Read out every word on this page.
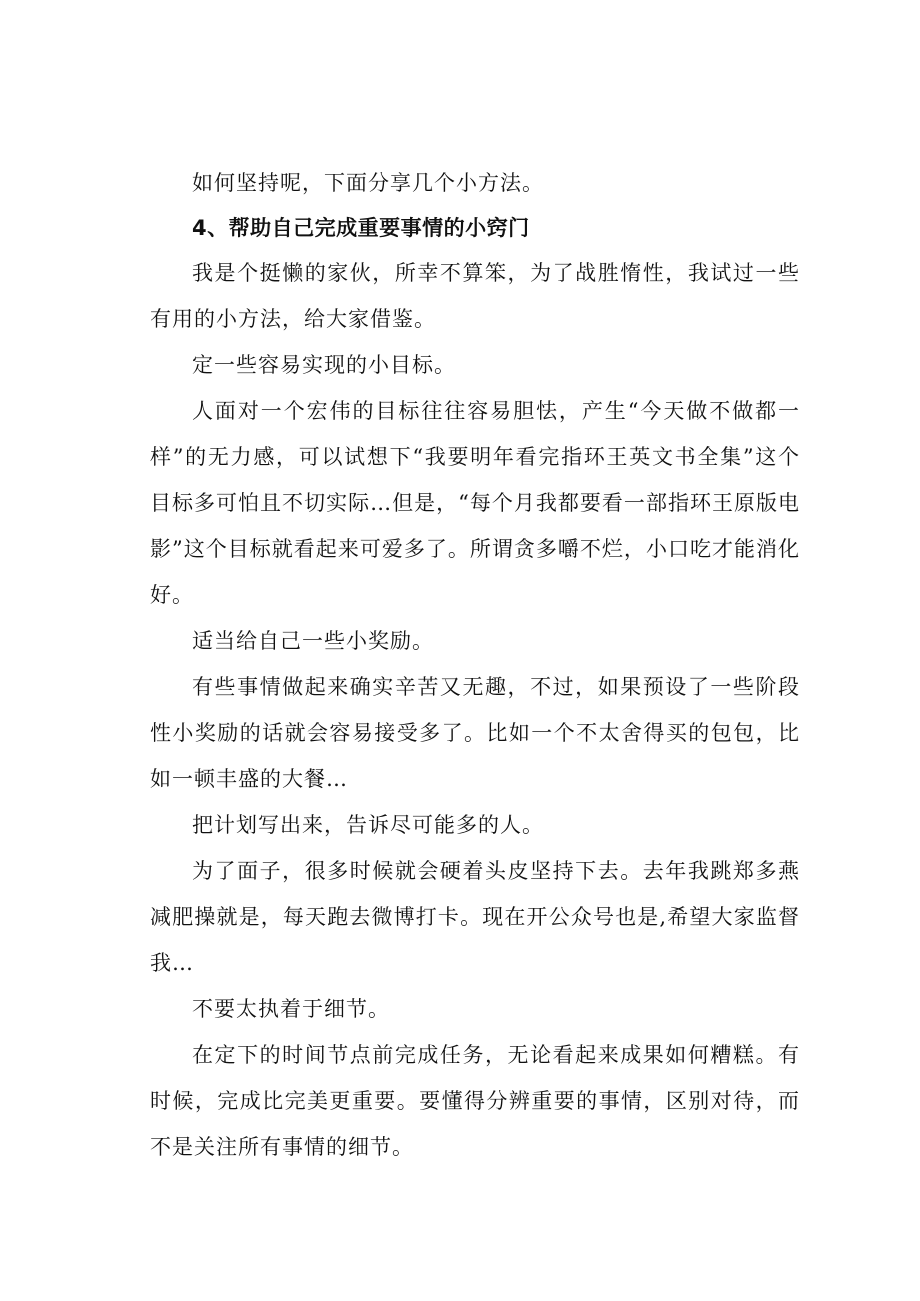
如何坚持呢，下面分享几个小方法。

4、帮助自己完成重要事情的小窍门

我是个挺懒的家伙，所幸不算笨，为了战胜惰性，我试过一些有用的小方法，给大家借鉴。

定一些容易实现的小目标。

人面对一个宏伟的目标往往容易胆怯，产生“今天做不做都一样”的无力感，可以试想下“我要明年看完指环王英文书全集”这个目标多可怕且不切实际…但是，“每个月我都要看一部指环王原版电影”这个目标就看起来可爱多了。所谓贪多嚼不烂，小口吃才能消化好。

适当给自己一些小奖励。

有些事情做起来确实辛苦又无趣，不过，如果预设了一些阶段性小奖励的话就会容易接受多了。比如一个不太舍得买的包包，比如一顿丰盛的大餐…

把计划写出来，告诉尽可能多的人。

为了面子，很多时候就会硬着头皮坚持下去。去年我跳郑多燕减肥操就是，每天跑去微博打卡。现在开公众号也是,希望大家监督我…

不要太执着于细节。

在定下的时间节点前完成任务，无论看起来成果如何糟糕。有时候，完成比完美更重要。要懂得分辨重要的事情，区别对待，而不是关注所有事情的细节。
